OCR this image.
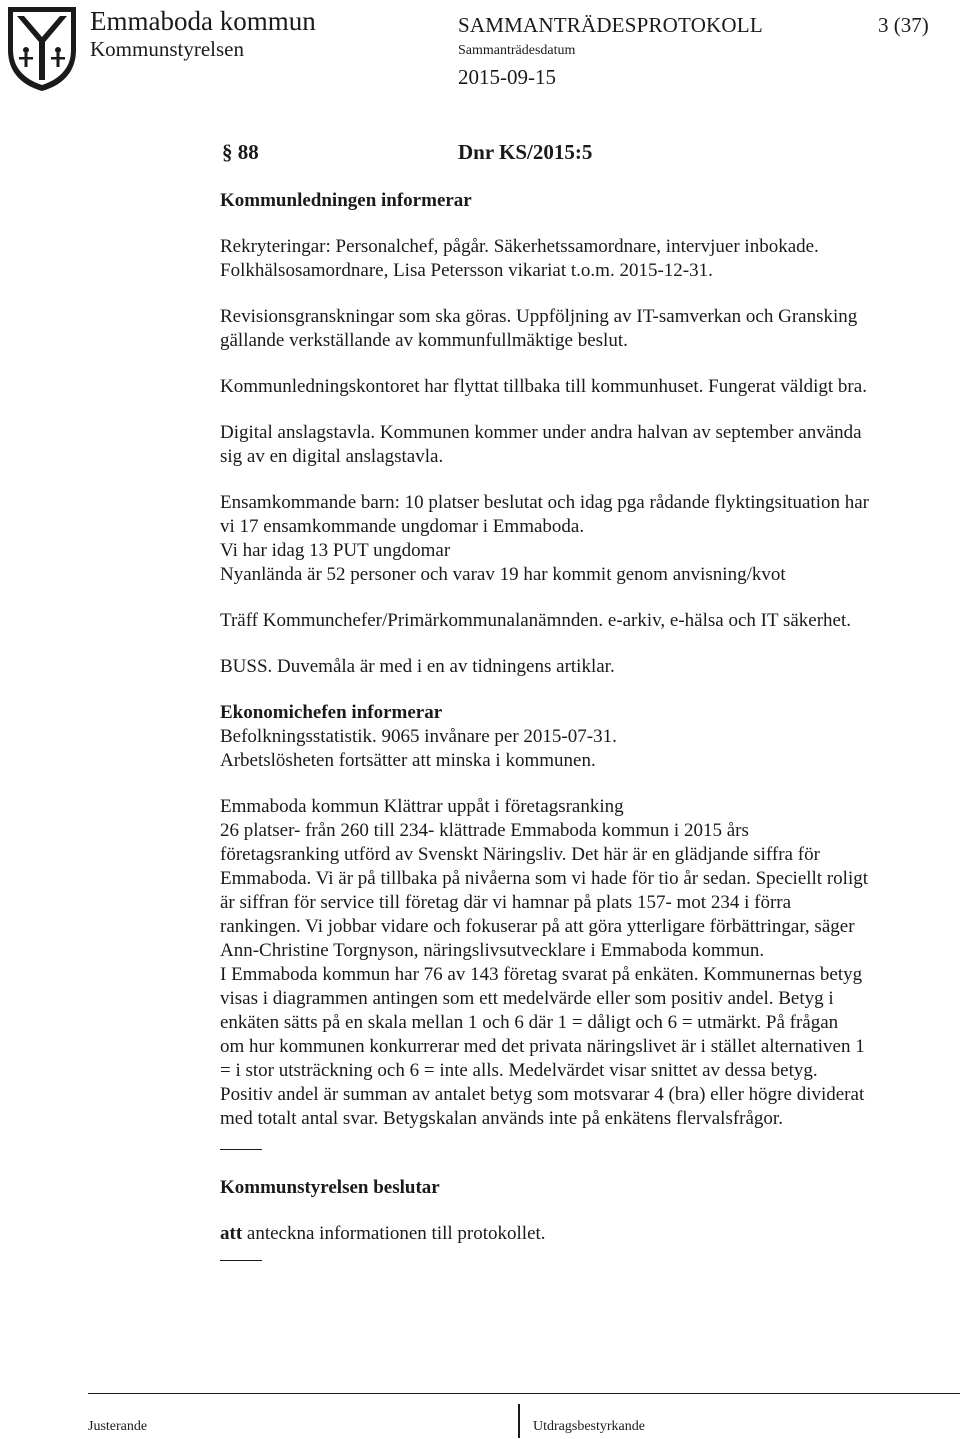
Emmaboda kommun
Kommunstyrelsen
SAMMANTRÄDESPROTOKOLL	3 (37)
Sammanträdesdatum
2015-09-15
§ 88	Dnr KS/2015:5

Kommunledningen informerar

Rekryteringar: Personalchef, pågår. Säkerhetssamordnare, intervjuer inbokade.

Folkhälsosamordnare, Lisa Petersson vikariat t.o.m. 2015-12-31.

Revisionsgranskningar som ska göras. Uppföljning av IT-samverkan och Gransking

gällande verkställande av kommunfullmäktige beslut.

Kommunledningskontoret har flyttat tillbaka till kommunhuset. Fungerat väldigt bra.

Digital anslagstavla. Kommunen kommer under andra halvan av september använda

sig av en digital anslagstavla.

Ensamkommande barn: 10 platser beslutat och idag pga rådande flyktingsituation har

vi 17 ensamkommande ungdomar i Emmaboda.

Vi har idag 13 PUT ungdomar

Nyanlända är 52 personer och varav 19 har kommit genom anvisning/kvot

Träff Kommunchefer/Primärkommunalanämnden. e-arkiv, e-hälsa och IT säkerhet.

BUSS. Duvemåla är med i en av tidningens artiklar.

Ekonomichefen informerar

Befolkningsstatistik. 9065 invånare per 2015-07-31.

Arbetslösheten fortsätter att minska i kommunen.

Emmaboda kommun Klättrar uppåt i företagsranking

26 platser- från 260 till 234- klättrade Emmaboda kommun i 2015 års

företagsranking utförd av Svenskt Näringsliv. Det här är en glädjande siffra för

Emmaboda. Vi är på tillbaka på nivåerna som vi hade för tio år sedan. Speciellt roligt

är siffran för service till företag där vi hamnar på plats 157- mot 234 i förra

rankingen. Vi jobbar vidare och fokuserar på att göra ytterligare förbättringar, säger

Ann-Christine Torgnyson, näringslivsutvecklare i Emmaboda kommun.

I Emmaboda kommun har 76 av 143 företag svarat på enkäten. Kommunernas betyg

visas i diagrammen antingen som ett medelvärde eller som positiv andel. Betyg i

enkäten sätts på en skala mellan 1 och 6 där 1 = dåligt och 6 = utmärkt. På frågan

om hur kommunen konkurrerar med det privata näringslivet är i stället alternativen 1

= i stor utsträckning och 6 = inte alls. Medelvärdet visar snittet av dessa betyg.

Positiv andel är summan av antalet betyg som motsvarar 4 (bra) eller högre dividerat

med totalt antal svar. Betygskalan används inte på enkätens flervalsfrågor.

Kommunstyrelsen beslutar

att anteckna informationen till protokollet.

Justerande	Utdragsbestyrkande
